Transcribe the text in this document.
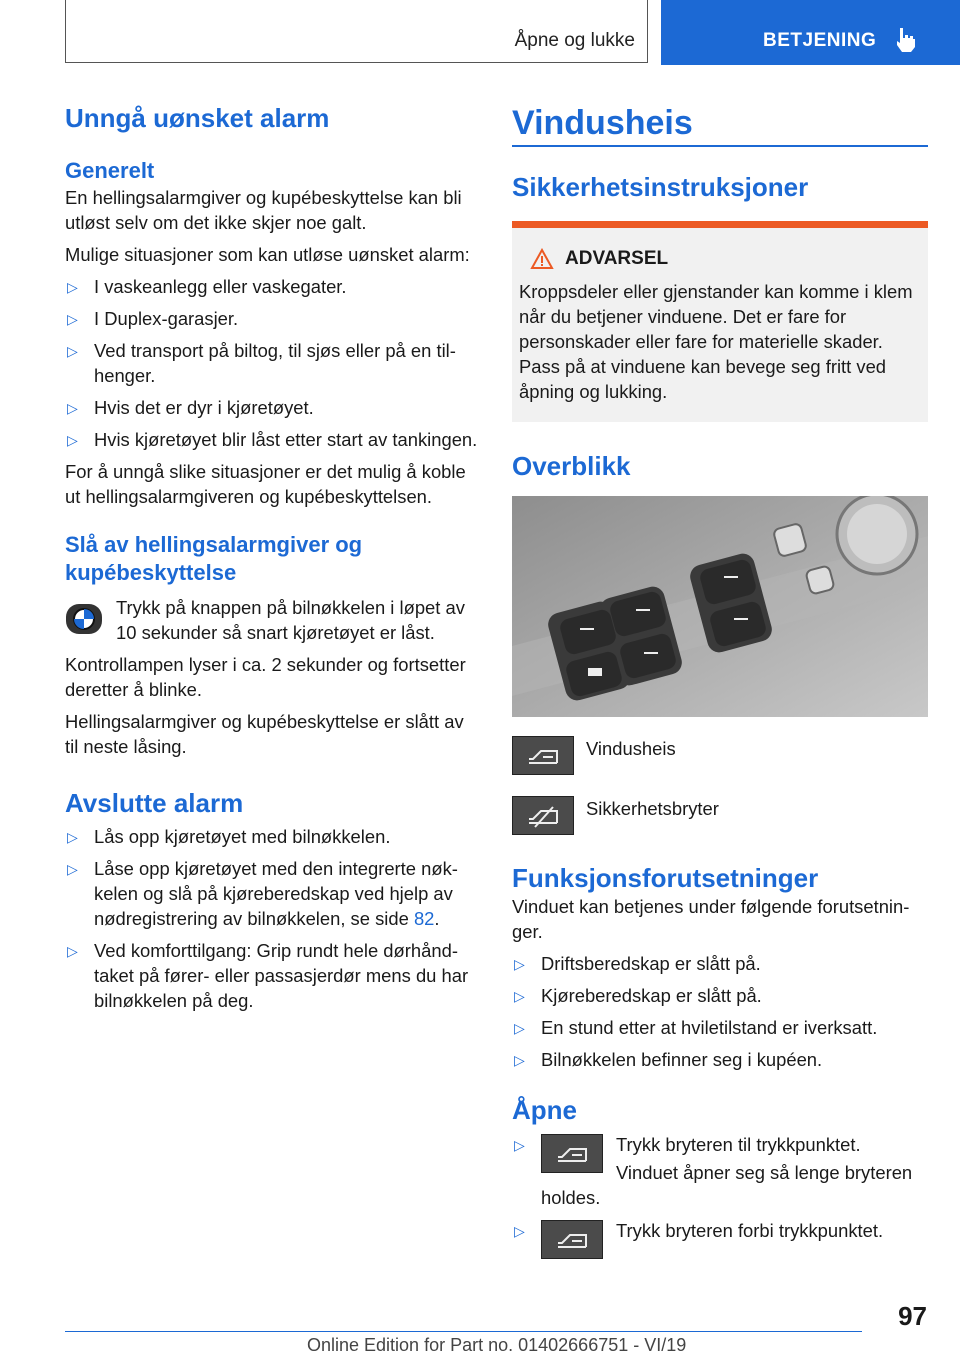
Åpne og lukke	BETJENING
Unngå uønsket alarm
Generelt

En hellingsalarmgiver og kupébeskyttelse kan bli utløst selv om det ikke skjer noe galt.

Mulige situasjoner som kan utløse uønsket alarm:

▷ I vaskeanlegg eller vaskegater.
▷ I Duplex-garasjer.
▷ Ved transport på biltog, til sjøs eller på en tilhenger.
▷ Hvis det er dyr i kjøretøyet.
▷ Hvis kjøretøyet blir låst etter start av tankingen.

For å unngå slike situasjoner er det mulig å koble ut hellingsalarmgiveren og kupébeskyttelsen.

Slå av hellingsalarmgiver og kupébeskyttelse
Trykk på knappen på bilnøkkelen i løpet av 10 sekunder så snart kjøretøyet er låst.

Kontrollampen lyser i ca. 2 sekunder og fortsetter deretter å blinke.

Hellingsalarmgiver og kupébeskyttelse er slått av til neste låsing.

Avslutte alarm
▷ Lås opp kjøretøyet med bilnøkkelen.
▷ Låse opp kjøretøyet med den integrerte nøkkelen og slå på kjøreberedskap ved hjelp av nødregistrering av bilnøkkelen, se side 82.
▷ Ved komforttilgang: Grip rundt hele dørhåndtaket på fører- eller passasjerdør mens du har bilnøkkelen på deg.
Vindusheis
Sikkerhetsinstruksjoner
ADVARSEL

Kroppsdeler eller gjenstander kan komme i klem når du betjener vinduene. Det er fare for personskader eller fare for materielle skader. Pass på at vinduene kan bevege seg fritt ved åpning og lukking.

Overblikk
Vindusheis
Sikkerhetsbryter
Funksjonsforutsetninger

Vinduet kan betjenes under følgende forutsetninger.

▷ Driftsberedskap er slått på.
▷ Kjøreberedskap er slått på.
▷ En stund etter at hviletilstand er iverksatt.
▷ Bilnøkkelen befinner seg i kupéen.
Åpne
▷	Trykk bryteren til trykkpunktet.

Vinduet åpner seg så lenge bryteren holdes.

▷	Trykk bryteren forbi trykkpunktet.
97
Online Edition for Part no. 01402666751 - VI/19
